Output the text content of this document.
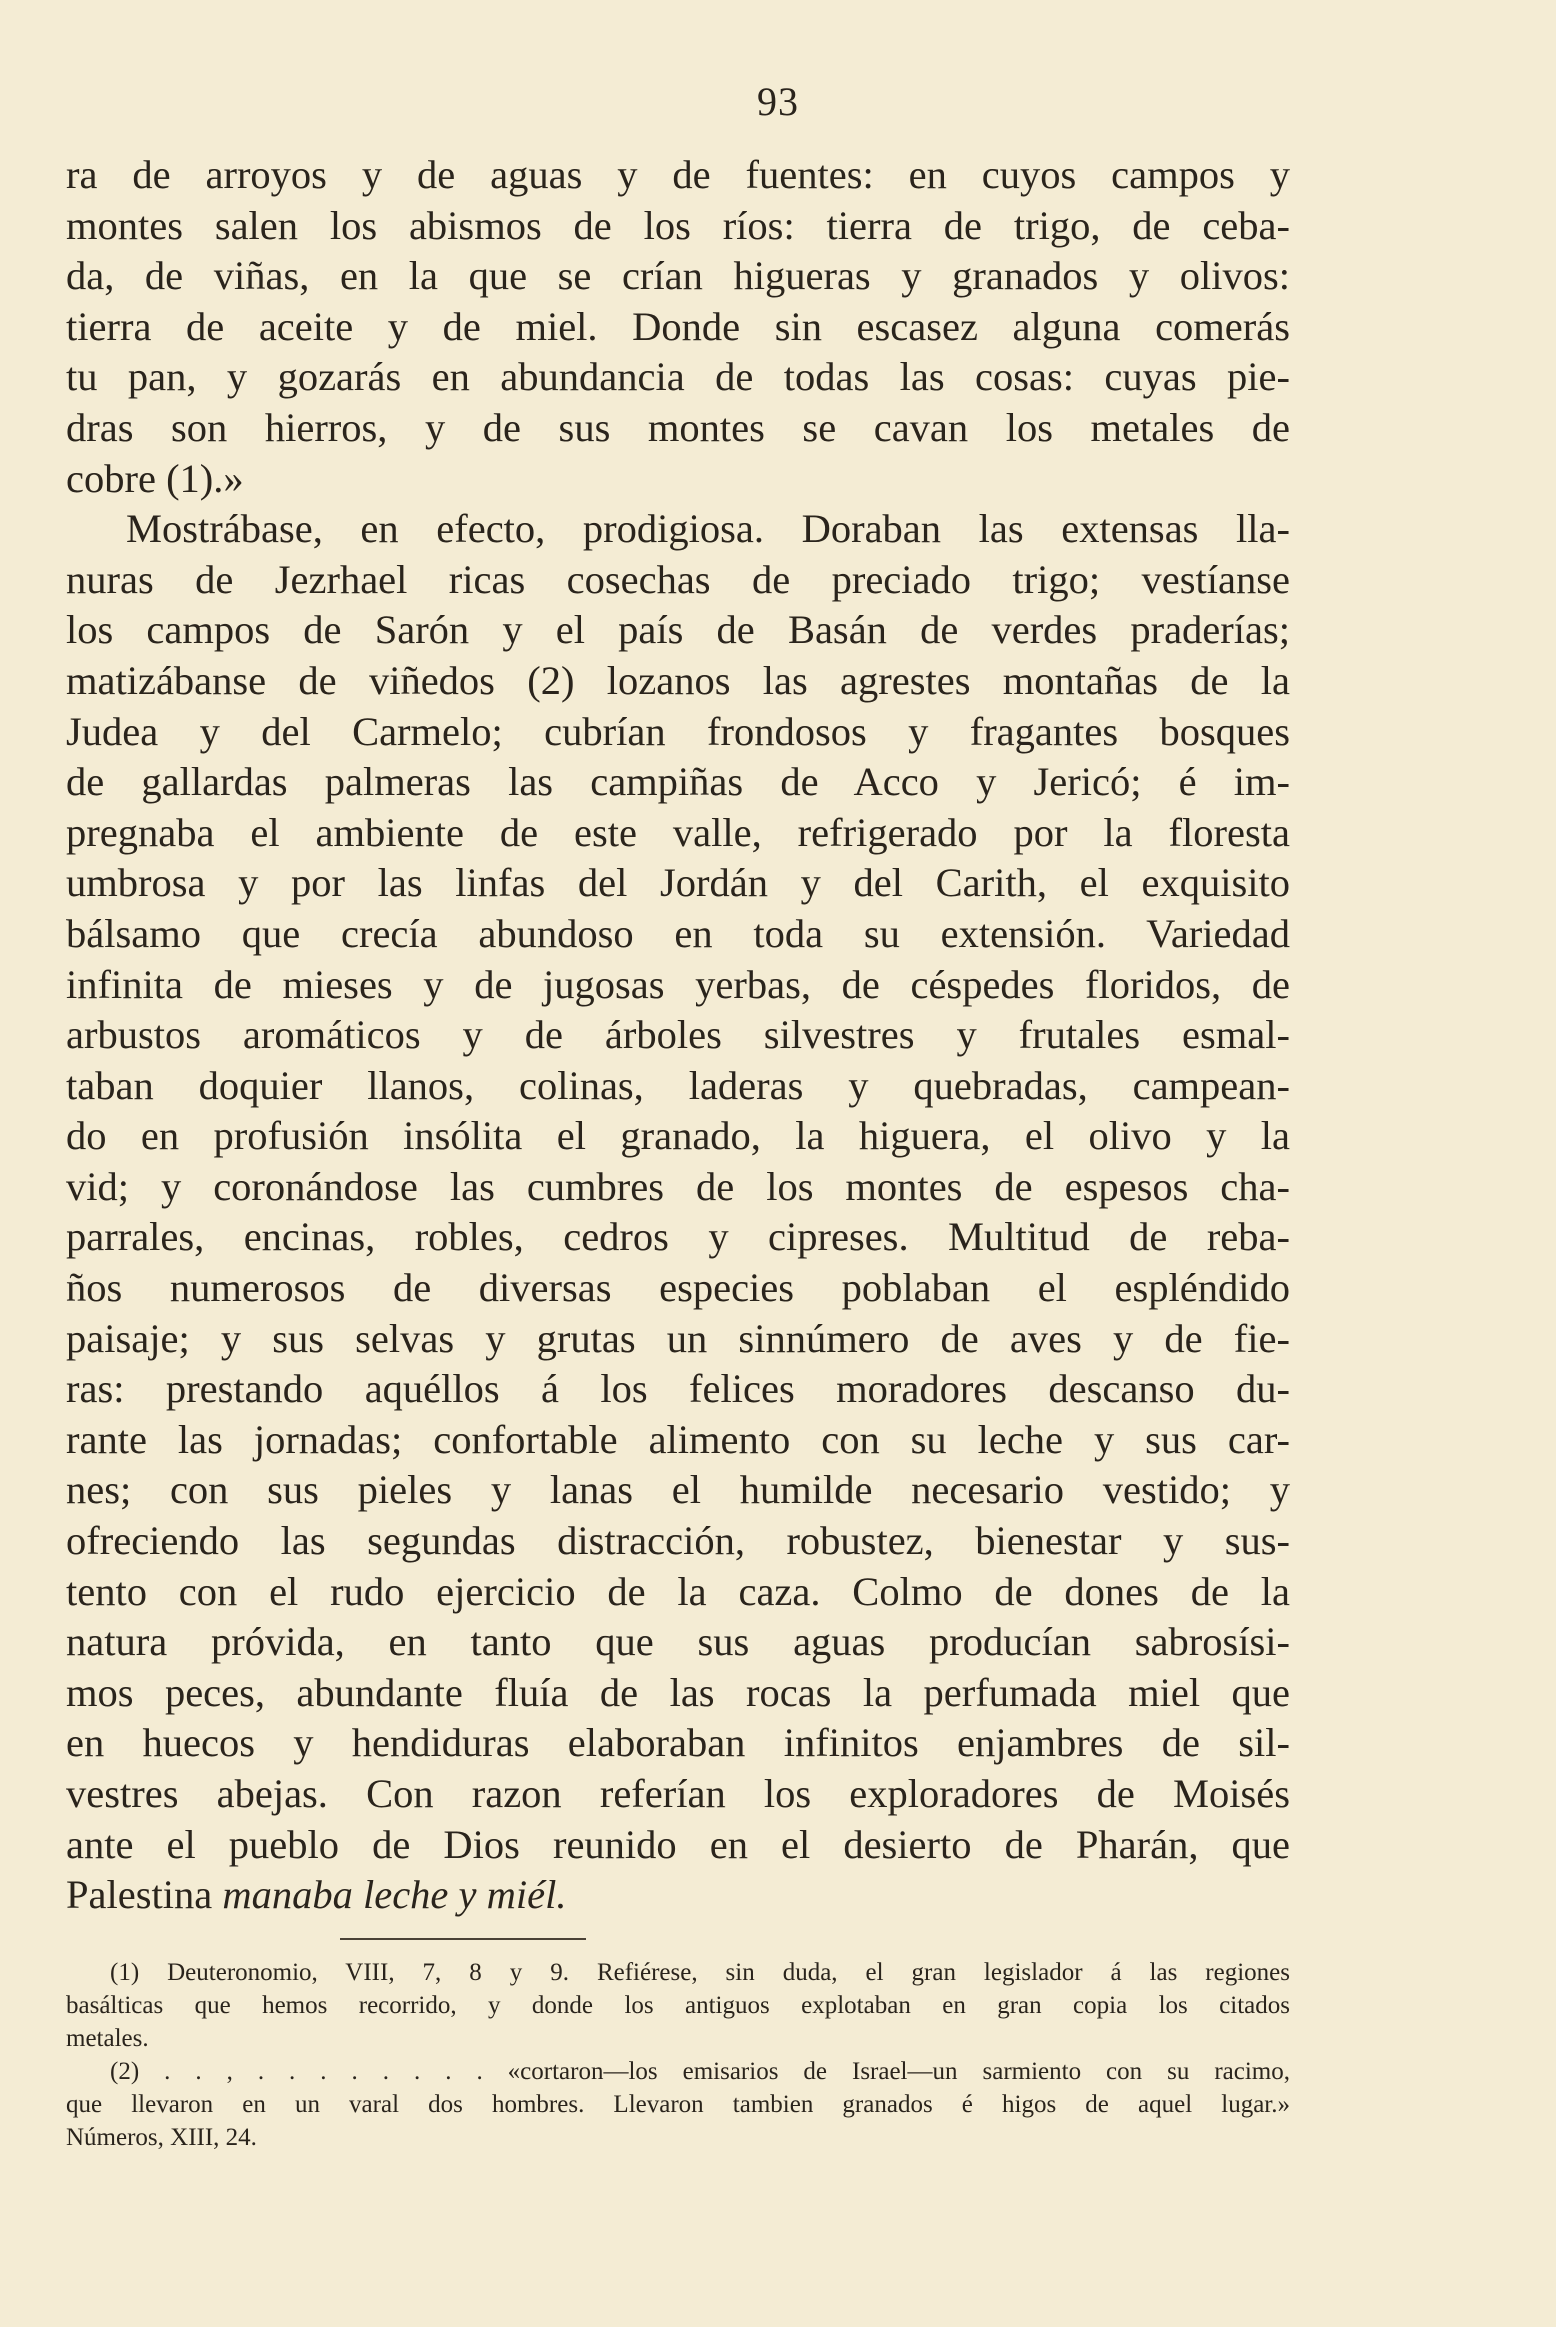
93
ra de arroyos y de aguas y de fuentes: en cuyos campos y
montes salen los abismos de los ríos: tierra de trigo, de ceba-
da, de viñas, en la que se crían higueras y granados y olivos:
tierra de aceite y de miel. Donde sin escasez alguna comerás
tu pan, y gozarás en abundancia de todas las cosas: cuyas pie-
dras son hierros, y de sus montes se cavan los metales de
cobre (1).»
Mostrábase, en efecto, prodigiosa. Doraban las extensas lla-
nuras de Jezrhael ricas cosechas de preciado trigo; vestíanse
los campos de Sarón y el país de Basán de verdes praderías;
matizábanse de viñedos (2) lozanos las agrestes montañas de la
Judea y del Carmelo; cubrían frondosos y fragantes bosques
de gallardas palmeras las campiñas de Acco y Jericó; é im-
pregnaba el ambiente de este valle, refrigerado por la floresta
umbrosa y por las linfas del Jordán y del Carith, el exquisito
bálsamo que crecía abundoso en toda su extensión. Variedad
infinita de mieses y de jugosas yerbas, de céspedes floridos, de
arbustos aromáticos y de árboles silvestres y frutales esmal-
taban doquier llanos, colinas, laderas y quebradas, campean-
do en profusión insólita el granado, la higuera, el olivo y la
vid; y coronándose las cumbres de los montes de espesos cha-
parrales, encinas, robles, cedros y cipreses. Multitud de reba-
ños numerosos de diversas especies poblaban el espléndido
paisaje; y sus selvas y grutas un sinnúmero de aves y de fie-
ras: prestando aquéllos á los felices moradores descanso du-
rante las jornadas; confortable alimento con su leche y sus car-
nes; con sus pieles y lanas el humilde necesario vestido; y
ofreciendo las segundas distracción, robustez, bienestar y sus-
tento con el rudo ejercicio de la caza. Colmo de dones de la
natura próvida, en tanto que sus aguas producían sabrosísi-
mos peces, abundante fluía de las rocas la perfumada miel que
en huecos y hendiduras elaboraban infinitos enjambres de sil-
vestres abejas. Con razon referían los exploradores de Moisés
ante el pueblo de Dios reunido en el desierto de Pharán, que
Palestina manaba leche y miél.
(1) Deuteronomio, VIII, 7, 8 y 9. Refiérese, sin duda, el gran legislador á las regiones
basálticas que hemos recorrido, y donde los antiguos explotaban en gran copia los citados
metales.
(2) . . , . . . . . . . . «cortaron—los emisarios de Israel—un sarmiento con su racimo,
que llevaron en un varal dos hombres. Llevaron tambien granados é higos de aquel lugar.»
Números, XIII, 24.
